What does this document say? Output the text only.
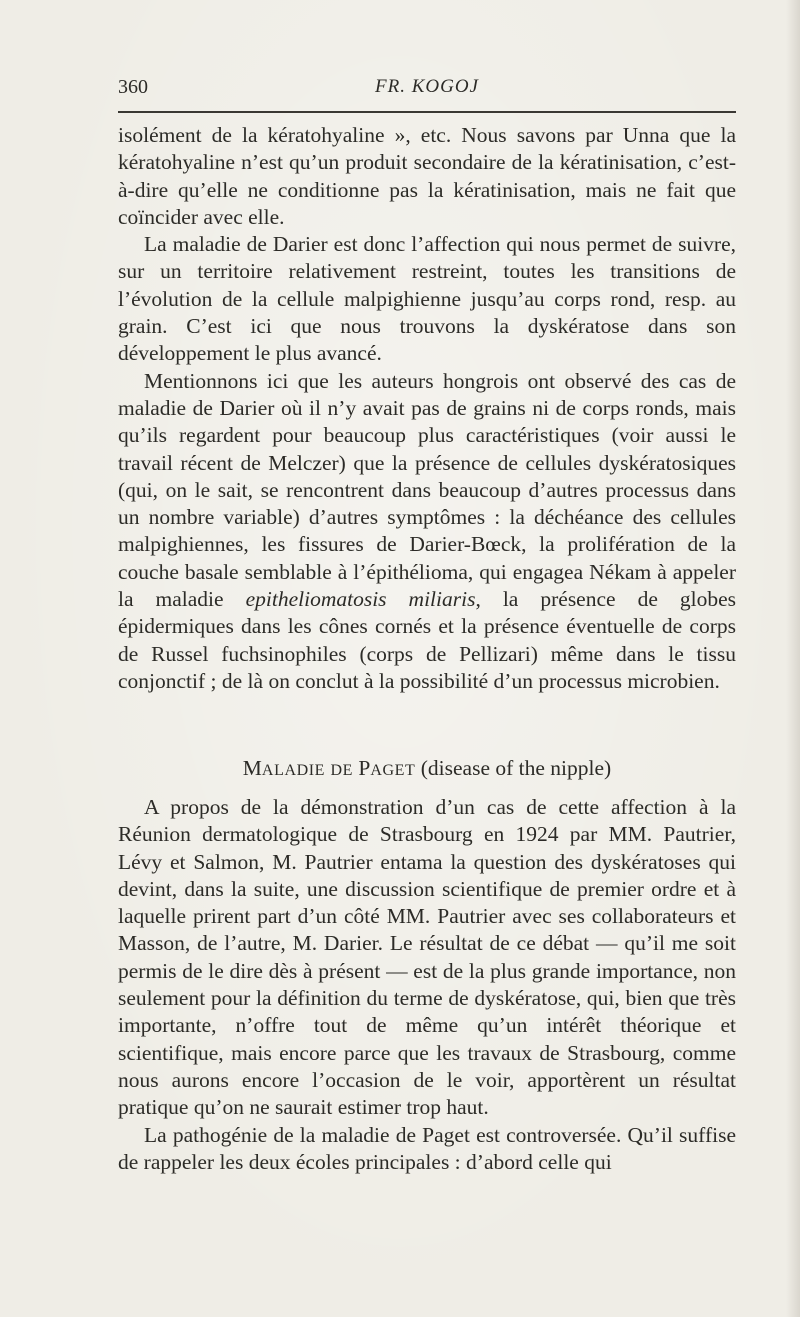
360	FR. KOGOJ

isolément de la kératohyaline », etc. Nous savons par Unna que la kératohyaline n’est qu’un produit secondaire de la kératinisation, c’est-à-dire qu’elle ne conditionne pas la kératinisation, mais ne fait que coïncider avec elle.

La maladie de Darier est donc l’affection qui nous permet de suivre, sur un territoire relativement restreint, toutes les transitions de l’évolution de la cellule malpighienne jusqu’au corps rond, resp. au grain. C’est ici que nous trouvons la dyskératose dans son développement le plus avancé.

Mentionnons ici que les auteurs hongrois ont observé des cas de maladie de Darier où il n’y avait pas de grains ni de corps ronds, mais qu’ils regardent pour beaucoup plus caractéristiques (voir aussi le travail récent de Melczer) que la présence de cellules dyskératosiques (qui, on le sait, se rencontrent dans beaucoup d’autres processus dans un nombre variable) d’autres symptômes : la déchéance des cellules malpighiennes, les fissures de Darier-Bœck, la prolifération de la couche basale semblable à l’épithélioma, qui engagea Nékam à appeler la maladie epitheliomatosis miliaris, la présence de globes épidermiques dans les cônes cornés et la présence éventuelle de corps de Russel fuchsinophiles (corps de Pellizari) même dans le tissu conjonctif ; de là on conclut à la possibilité d’un processus microbien.

MALADIE DE PAGET (disease of the nipple)

A propos de la démonstration d’un cas de cette affection à la Réunion dermatologique de Strasbourg en 1924 par MM. Pautrier, Lévy et Salmon, M. Pautrier entama la question des dyskératoses qui devint, dans la suite, une discussion scientifique de premier ordre et à laquelle prirent part d’un côté MM. Pautrier avec ses collaborateurs et Masson, de l’autre, M. Darier. Le résultat de ce débat — qu’il me soit permis de le dire dès à présent — est de la plus grande importance, non seulement pour la définition du terme de dyskératose, qui, bien que très importante, n’offre tout de même qu’un intérêt théorique et scientifique, mais encore parce que les travaux de Strasbourg, comme nous aurons encore l’occasion de le voir, apportèrent un résultat pratique qu’on ne saurait estimer trop haut.

La pathogénie de la maladie de Paget est controversée. Qu’il suffise de rappeler les deux écoles principales : d’abord celle qui
